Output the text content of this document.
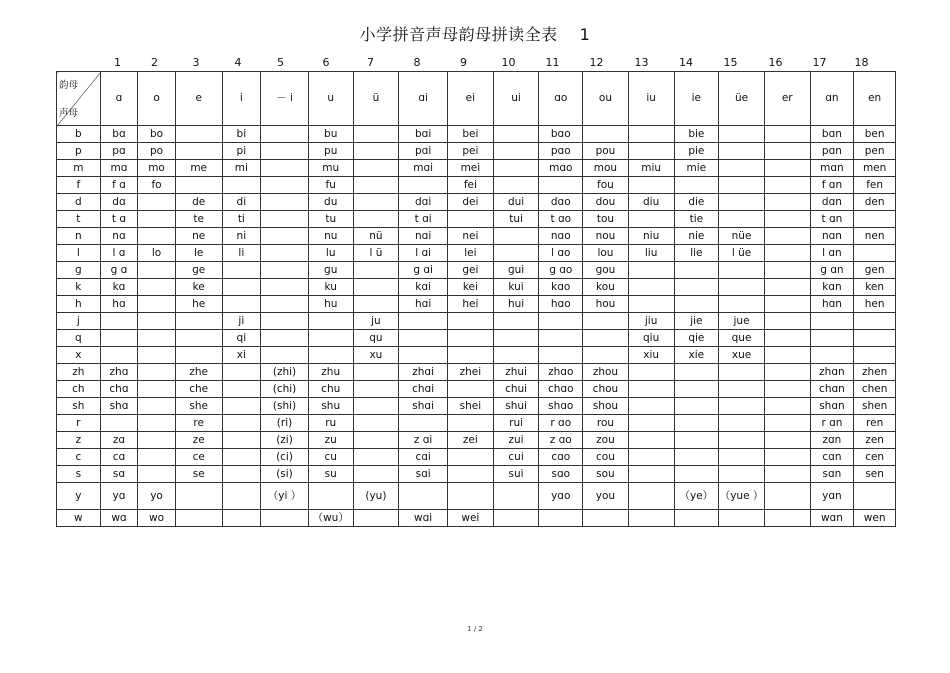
小学拼音声母韵母拼读全表 1
1	2	3	4	5	6	7	8	9	10	11	12	13	14	15	16	17	18
韵母
声母	ɑ	o	e	i	－ i	u	ü	ɑi	ei	ui	ɑo	ou	iu	ie	üe	er	ɑn	en
b	bɑ	bo		bi		bu		bɑi	bei		bɑo			bie			bɑn	ben
p	pɑ	po		pi		pu		pɑi	pei		pɑo	pou		pie			pɑn	pen
m	mɑ	mo	me	mi		mu		mɑi	mei		mɑo	mou	miu	mie			mɑn	men
f	f ɑ	fo				fu			fei			fou					f ɑn	fen
d	dɑ		de	di		du		dɑi	dei	dui	dɑo	dou	diu	die			dɑn	den
t	t ɑ		te	ti		tu		t ɑi		tui	t ɑo	tou		tie			t ɑn	
n	nɑ		ne	ni		nu	nü	nɑi	nei		nɑo	nou	niu	nie	nüe		nɑn	nen
l	l ɑ	lo	le	li		lu	l ü	l ɑi	lei		l ɑo	lou	liu	lie	l üe		l ɑn	
ɡ	ɡ ɑ		ɡe			ɡu		ɡ ɑi	ɡei	ɡui	ɡ ɑo	ɡou					ɡ ɑn	ɡen
k	kɑ		ke			ku		kɑi	kei	kui	kɑo	kou					kɑn	ken
h	hɑ		he			hu		hɑi	hei	hui	hɑo	hou					hɑn	hen
j				ji			ju						jiu	jie	jue			
q				qi			qu						qiu	qie	que			
x				xi			xu						xiu	xie	xue			
zh	zhɑ		zhe		(zhi)	zhu		zhɑi	zhei	zhui	zhɑo	zhou					zhɑn	zhen
ch	chɑ		che		(chi)	chu		chɑi		chui	chɑo	chou					chɑn	chen
sh	shɑ		she		(shi)	shu		shɑi	shei	shui	shɑo	shou					shɑn	shen
r			re		(ri)	ru				rui	r ɑo	rou					r ɑn	ren
z	zɑ		ze		(zi)	zu		z ɑi	zei	zui	z ɑo	zou					zɑn	zen
c	cɑ		ce		(ci)	cu		cɑi		cui	cɑo	cou					cɑn	cen
s	sɑ		se		(si)	su		sɑi		sui	sɑo	sou					sɑn	sen
y	yɑ	yo			（yi ）		(yu)				yɑo	you		（ye）	（yue ）		yɑn	
w	wɑ	wo				（wu）		wɑi	wei								wɑn	wen
1 / 2
